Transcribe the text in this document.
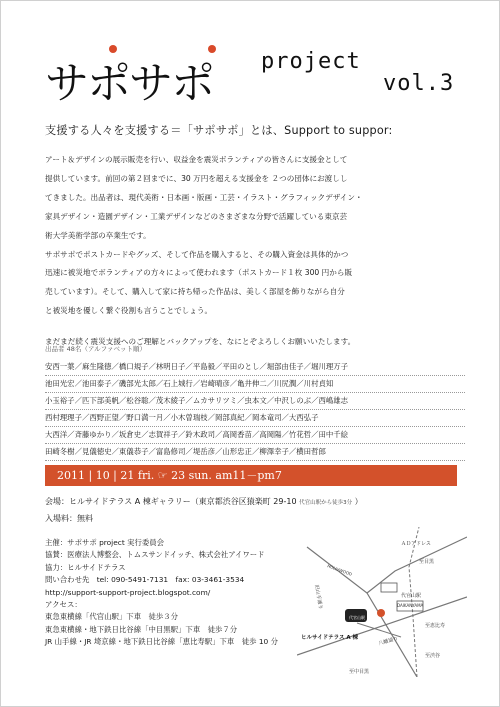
サポサポ project
vol.3
支援する人々を支援する＝「サポサポ」とは、Support to suppor:

アート＆デザインの展示販売を行い、収益金を震災ボランティアの皆さんに支援金として

提供しています。前回の第２回までに、30 万円を超える支援金を ２つの団体にお渡しし

てきました。出品者は、現代美術・日本画・版画・工芸・イラスト・グラフィックデザイン・

家具デザイン・造園デザイン・工業デザインなどのさまざまな分野で活躍している東京芸

術大学美術学部の卒業生です。

サポサポでポストカードやグッズ、そして作品を購入すると、その購入資金は具体的かつ

迅速に被災地でボランティアの方々によって使われます（ポストカード１枚 300 円から販

売しています）。そして、購入して家に持ち帰った作品は、美しく部屋を飾りながら自分

と被災地を優しく繋ぐ役割も言うことでしょう。

まだまだ続く震災支援へのご理解とバックアップを、なにとぞよろしくお願いいたします。

出品者 48名（アルファベット順）
安西一葉／麻生隆徳／橋口規子／林明日子／平島毅／平田のとし／堀部由佳子／堀川理万子
池田光宏／池田泰子／磯部光太郎／石上城行／岩崎晴彦／亀井伸二／川尻潤／川村貞知
小玉裕子／匹下部美帆／松谷聡／茂木綾子／ムカサリツミ／虫本文／中沢しのぶ／西嶋雄志
西村理理子／西野正望／野口満一月／小木曽瑞枝／岡部真紀／岡本竜司／大西弘子
大西洋／斉藤ゆかり／坂倉史／志賀祥子／鈴木政司／高岡香苗／高岡陽／竹花哲／田中千絵
田崎冬樹／見儀徳史／東儀恭子／富島修司／堤岳彦／山形忠正／柳澤幸子／横田哲郎
2011 | 10 | 21 fri. ☞ 23 sun. am11－pm7
会場：ヒルサイドテラス A 棟ギャラリー（東京都渋谷区猿楽町 29-10 代官山駅から徒歩3分 ）
入場料：無料
主催：サポサポ project 実行委員会
協賛：医療法人博整会、トムスサンドイッチ、株式会社アイワード
協力：ヒルサイドテラス
問い合わせ先　tel: 090-5491-7131　fax: 03-3461-3534
http://support-support-project.blogspot.com/
アクセス：
東急東横線「代官山駅」下車　徒歩３分
東急東横線・地下鉄日比谷線「中目黒駅」下車　徒歩７分
JR 山手線・JR 埼京線・地下鉄日比谷線「恵比寿駅」下車　徒歩 10 分
ＡＤアドレス
HOLLYWOOD
旧山手通り	代官山駅
DAIKANYAMA
ヒルサイドテラス A 棟
至恵比寿
八幡通り
至渋谷
至中目黒
至目黒
代官山駅
